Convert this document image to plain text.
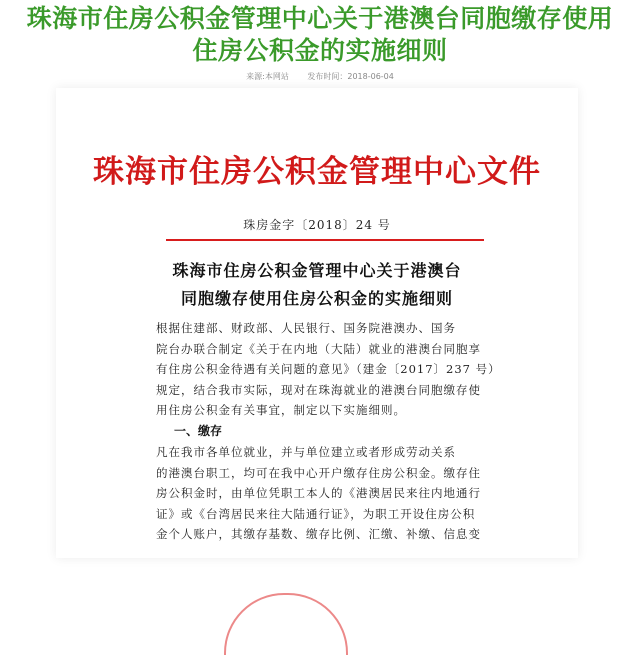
珠海市住房公积金管理中心关于港澳台同胞缴存使用
住房公积金的实施细则
来源:本网站 发布时间：2018-06-04
珠海市住房公积金管理中心文件
珠房金字〔2018〕24 号
珠海市住房公积金管理中心关于港澳台
同胞缴存使用住房公积金的实施细则

根据住建部、财政部、人民银行、国务院港澳办、国务

院台办联合制定《关于在内地（大陆）就业的港澳台同胞享

有住房公积金待遇有关问题的意见》（建金〔2017〕237 号）

规定，结合我市实际，现对在珠海就业的港澳台同胞缴存使

用住房公积金有关事宜，制定以下实施细则。

一、缴存

凡在我市各单位就业，并与单位建立或者形成劳动关系

的港澳台职工，均可在我中心开户缴存住房公积金。缴存住

房公积金时，由单位凭职工本人的《港澳居民来往内地通行

证》或《台湾居民来往大陆通行证》，为职工开设住房公积

金个人账户，其缴存基数、缴存比例、汇缴、补缴、信息变
